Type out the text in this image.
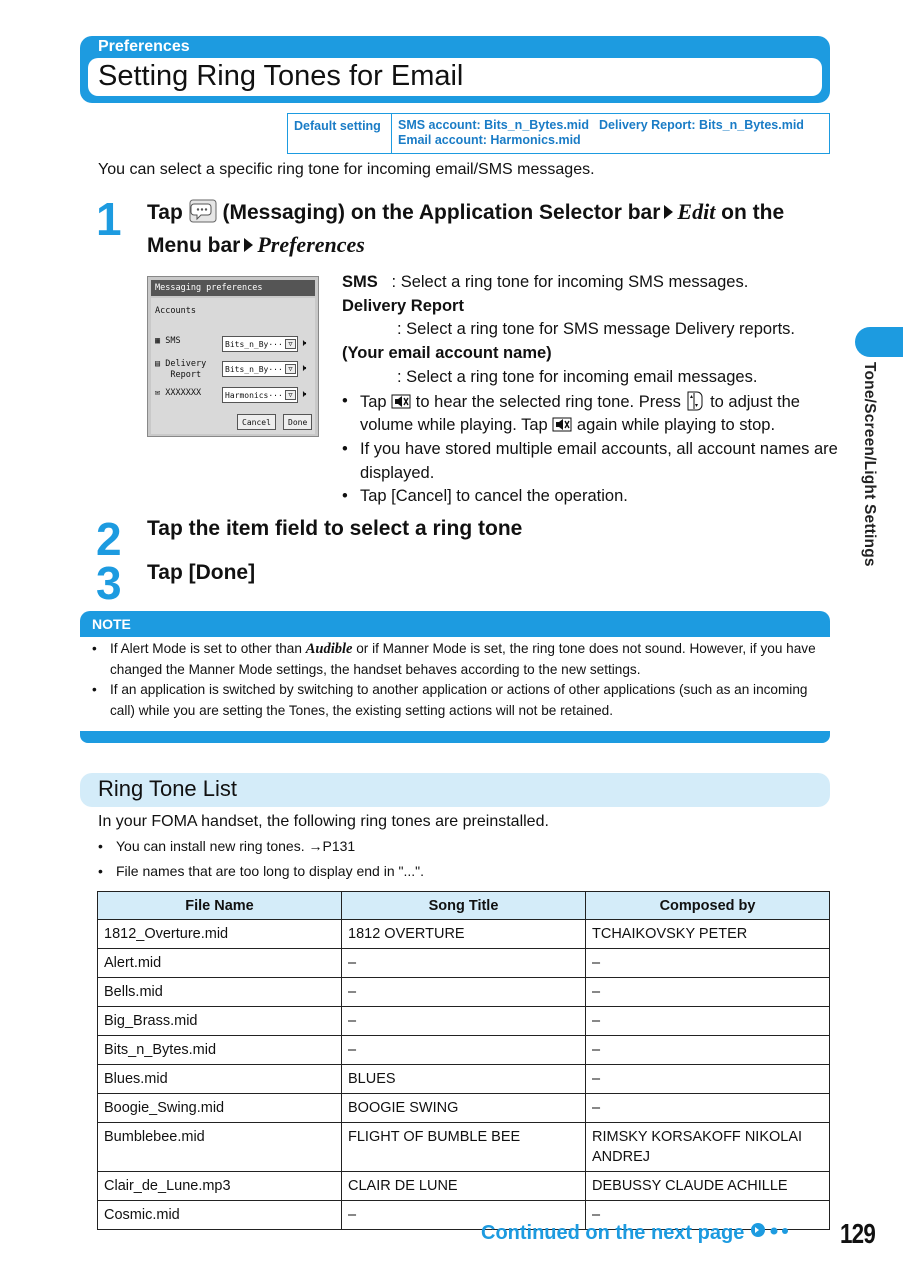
Preferences
Setting Ring Tones for Email
Default setting	SMS account: Bits_n_Bytes.mid Delivery Report: Bits_n_Bytes.mid
Email account: Harmonics.mid
You can select a specific ring tone for incoming email/SMS messages.
1 Tap (Messaging) on the Application Selector bar Edit on the
Menu bar Preferences
Messaging preferences
Accounts
▦ SMS	Bits_n_By··· ▽ 🕨
▤ Delivery
Report
Bits_n_By··· ▽ 🕨
✉ XXXXXXX	Harmonics··· ▽ 🕨
Cancel	Done
SMS : Select a ring tone for incoming SMS messages.
Delivery Report
: Select a ring tone for SMS message Delivery reports.
(Your email account name)
: Select a ring tone for incoming email messages.
• Tap to hear the selected ring tone. Press to adjust the volume while playing. Tap again while playing to stop.
• If you have stored multiple email accounts, all account names are displayed.
• Tap [Cancel] to cancel the operation.
2 Tap the item field to select a ring tone
3 Tap [Done]
Tone/Screen/Light Settings
NOTE
• If Alert Mode is set to other than Audible or if Manner Mode is set, the ring tone does not sound. However, if you have changed the Manner Mode settings, the handset behaves according to the new settings.
• If an application is switched by switching to another application or actions of other applications (such as an incoming call) while you are setting the Tones, the existing setting actions will not be retained.
Ring Tone List
In your FOMA handset, the following ring tones are preinstalled.
• You can install new ring tones. →P131
• File names that are too long to display end in "...".
File Name	Song Title	Composed by
1812_Overture.mid	1812 OVERTURE	TCHAIKOVSKY PETER
Alert.mid	–	–
Bells.mid	–	–
Big_Brass.mid	–	–
Bits_n_Bytes.mid	–	–
Blues.mid	BLUES	–
Boogie_Swing.mid	BOOGIE SWING	–
Bumblebee.mid	FLIGHT OF BUMBLE BEE	RIMSKY KORSAKOFF NIKOLAI ANDREJ
Clair_de_Lune.mp3	CLAIR DE LUNE	DEBUSSY CLAUDE ACHILLE
Cosmic.mid	–	–
Continued on the next page	129
